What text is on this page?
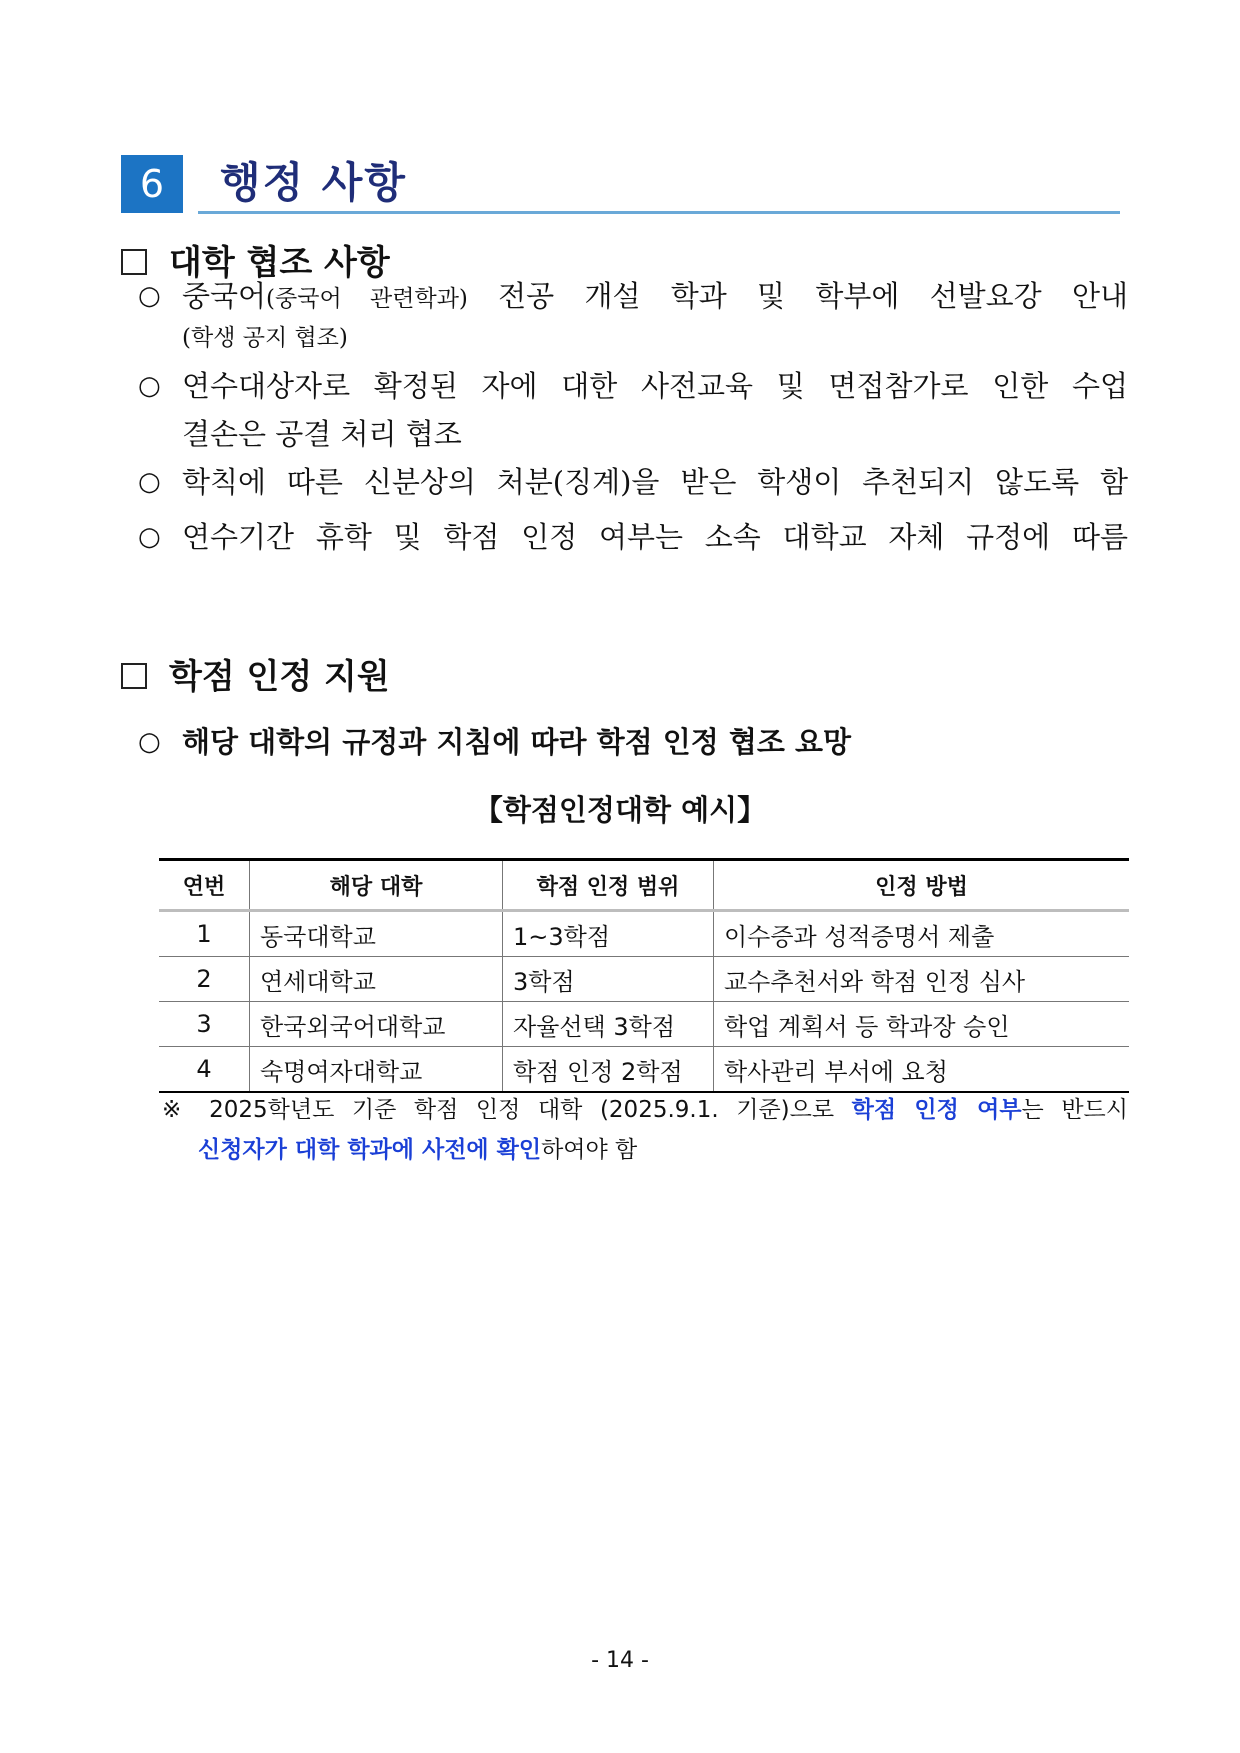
6	행정 사항
대학 협조 사항
○ 중국어(중국어 관련학과) 전공 개설 학과 및 학부에 선발요강 안내
(학생 공지 협조)
○ 연수대상자로 확정된 자에 대한 사전교육 및 면접참가로 인한 수업
결손은 공결 처리 협조
○ 학칙에 따른 신분상의 처분(징계)을 받은 학생이 추천되지 않도록 함
○ 연수기간 휴학 및 학점 인정 여부는 소속 대학교 자체 규정에 따름
학점 인정 지원
○ 해당 대학의 규정과 지침에 따라 학점 인정 협조 요망
【학점인정대학 예시】
연번	해당 대학	학점 인정 범위	인정 방법
1	동국대학교	1~3학점	이수증과 성적증명서 제출
2	연세대학교	3학점	교수추천서와 학점 인정 심사
3	한국외국어대학교	자율선택 3학점	학업 계획서 등 학과장 승인
4	숙명여자대학교	학점 인정 2학점	학사관리 부서에 요청
※ 2025학년도 기준 학점 인정 대학 (2025.9.1. 기준)으로 학점 인정 여부는 반드시
신청자가 대학 학과에 사전에 확인하여야 함
- 14 -
